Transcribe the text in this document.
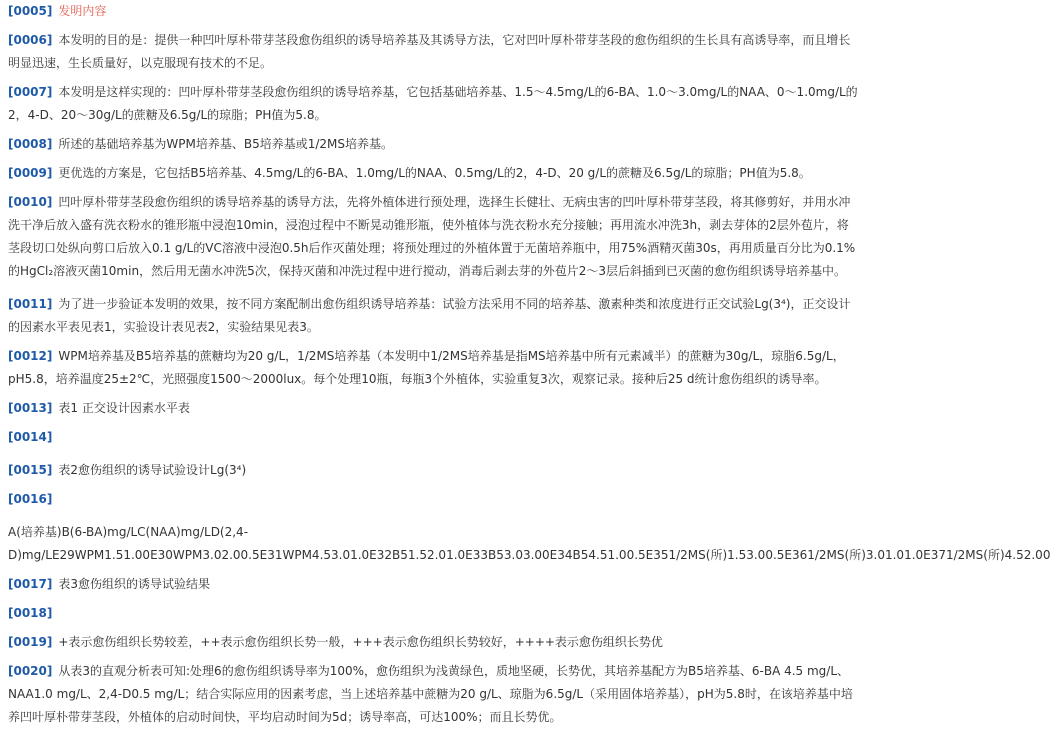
[0005] 发明内容

[0006] 本发明的目的是：提供一种凹叶厚朴带芽茎段愈伤组织的诱导培养基及其诱导方法，它对凹叶厚朴带芽茎段的愈伤组织的生长具有高诱导率，而且增长明显迅速，生长质量好，以克服现有技术的不足。

[0007] 本发明是这样实现的：凹叶厚朴带芽茎段愈伤组织的诱导培养基，它包括基础培养基、1.5～4.5mg/L的6-BA、1.0～3.0mg/L的NAA、0～1.0mg/L的2，4-D、20～30g/L的蔗糖及6.5g/L的琼脂；PH值为5.8。

[0008] 所述的基础培养基为WPM培养基、B5培养基或1/2MS培养基。

[0009] 更优选的方案是，它包括B5培养基、4.5mg/L的6-BA、1.0mg/L的NAA、0.5mg/L的2，4-D、20 g/L的蔗糖及6.5g/L的琼脂；PH值为5.8。

[0010] 凹叶厚朴带芽茎段愈伤组织的诱导培养基的诱导方法，先将外植体进行预处理，选择生长健壮、无病虫害的凹叶厚朴带芽茎段，将其修剪好，并用水冲洗干净后放入盛有洗衣粉水的锥形瓶中浸泡10min，浸泡过程中不断晃动锥形瓶，使外植体与洗衣粉水充分接触；再用流水冲洗3h，剥去芽体的2层外苞片，将茎段切口处纵向剪口后放入0.1 g/L的VC溶液中浸泡0.5h后作灭菌处理；将预处理过的外植体置于无菌培养瓶中，用75%酒精灭菌30s，再用质量百分比为0.1%的HgCl₂溶液灭菌10min，然后用无菌水冲洗5次，保持灭菌和冲洗过程中进行搅动，消毒后剥去芽的外苞片2～3层后斜插到已灭菌的愈伤组织诱导培养基中。

[0011] 为了进一步验证本发明的效果，按不同方案配制出愈伤组织诱导培养基：试验方法采用不同的培养基、激素种类和浓度进行正交试验Lg(3⁴)，正交设计的因素水平表见表1，实验设计表见表2，实验结果见表3。

[0012] WPM培养基及B5培养基的蔗糖均为20 g/L，1/2MS培养基（本发明中1/2MS培养基是指MS培养基中所有元素减半）的蔗糖为30g/L，琼脂6.5g/L，pH5.8，培养温度25±2℃，光照强度1500～2000lux。每个处理10瓶，每瓶3个外植体，实验重复3次，观察记录。接种后25 d统计愈伤组织的诱导率。

[0013] 表1 正交设计因素水平表

[0014]

[0015] 表2愈伤组织的诱导试验设计Lg(3⁴)

[0016]

A(培养基)B(6-BA)mg/LC(NAA)mg/LD(2,4-D)mg/LE29WPM1.51.00E30WPM3.02.00.5E31WPM4.53.01.0E32B51.52.01.0E33B53.03.00E34B54.51.00.5E351/2MS(所)1.53.00.5E361/2MS(所)3.01.01.0E371/2MS(所)4.52.00

[0017] 表3愈伤组织的诱导试验结果

[0018]

[0019] +表示愈伤组织长势较差，++表示愈伤组织长势一般，+++表示愈伤组织长势较好，++++表示愈伤组织长势优

[0020] 从表3的直观分析表可知:处理6的愈伤组织诱导率为100%，愈伤组织为浅黄绿色，质地坚硬，长势优，其培养基配方为B5培养基、6-BA 4.5 mg/L、NAA1.0 mg/L、2,4-D0.5 mg/L；结合实际应用的因素考虑，当上述培养基中蔗糖为20 g/L、琼脂为6.5g/L（采用固体培养基），pH为5.8时，在该培养基中培养凹叶厚朴带芽茎段，外植体的启动时间快，平均启动时间为5d；诱导率高，可达100%；而且长势优。
